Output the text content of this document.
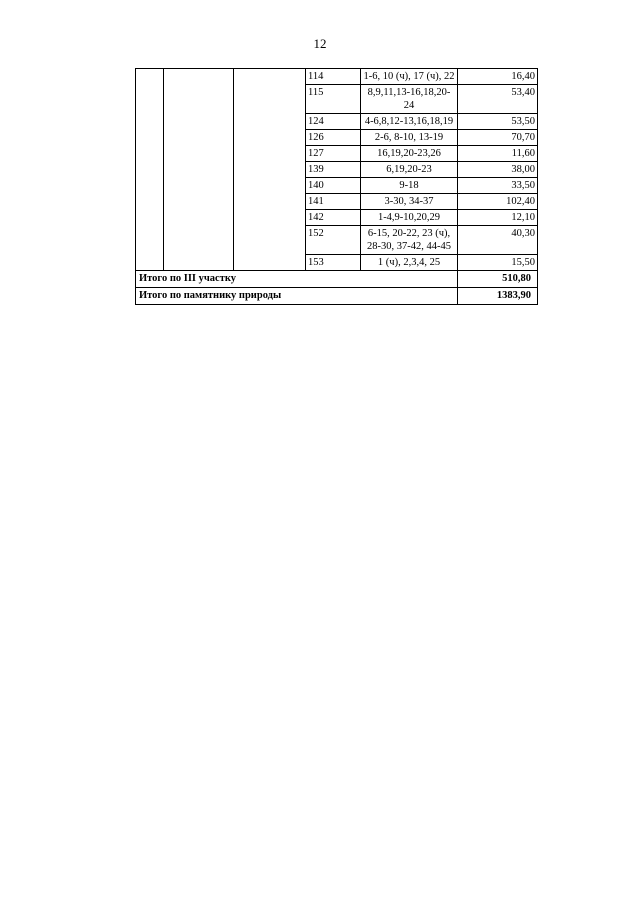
12
			114	1-6, 10 (ч), 17 (ч), 22	16,40
			115	8,9,11,13-16,18,20-24	53,40
			124	4-6,8,12-13,16,18,19	53,50
			126	2-6, 8-10, 13-19	70,70
			127	16,19,20-23,26	11,60
			139	6,19,20-23	38,00
			140	9-18	33,50
			141	3-30, 34-37	102,40
			142	1-4,9-10,20,29	12,10
			152	6-15, 20-22, 23 (ч), 28-30, 37-42, 44-45	40,30
			153	1 (ч), 2,3,4, 25	15,50
Итого по III участку					510,80
Итого по памятнику природы					1383,90
